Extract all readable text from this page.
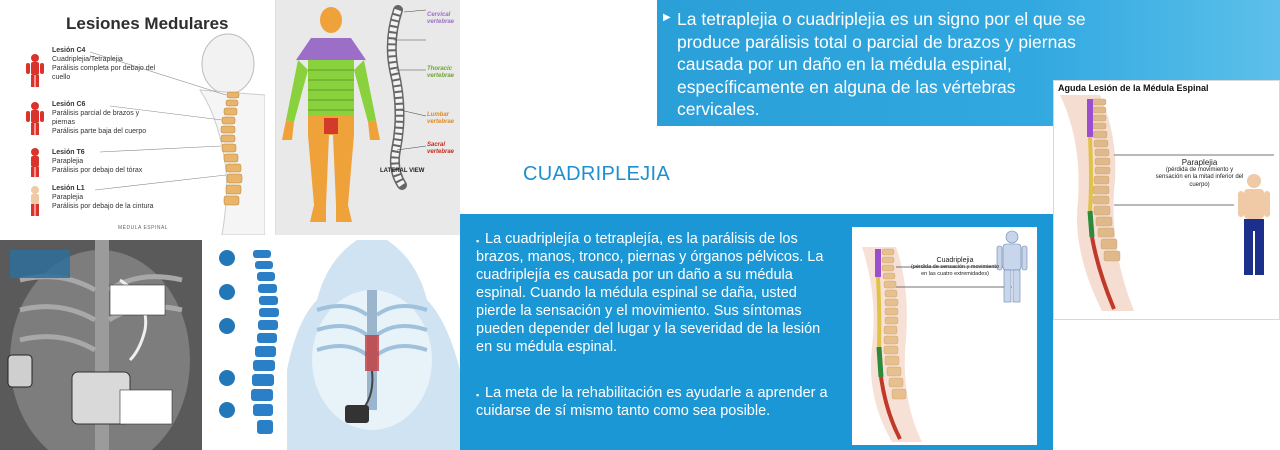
Lesiones Medulares
Lesión C4
Cuadriplejia/Tetraplejia
Parálisis completa por debajo del cuello
Lesión C6
Parálisis parcial de brazos y piernas
Parálisis parte baja del cuerpo
Lesión T6
Paraplejia
Parálisis por debajo del tórax
Lesión L1
Paraplejia
Parálisis por debajo de la cintura
MÉDULA ESPINAL
Cervical vertebrae
Thoracic vertebrae
Lumbar vertebrae
Sacral vertebrae
LATERAL VIEW
▶ La tetraplejia o cuadriplejia es un signo por el que se produce parálisis total o parcial de brazos y piernas causada por un daño en la médula espinal, específicamente en alguna de las vértebras cervicales.
Aguda Lesión de la Médula Espinal
Paraplejia
(pérdida de movimiento y sensación en la mitad inferior del cuerpo)
CUADRIPLEJIA
▪ La cuadriplejía o tetraplejía, es la parálisis de los brazos, manos, tronco, piernas y órganos pélvicos. La cuadriplejía es causada por un daño a su médula espinal. Cuando la médula espinal se daña, usted pierde la sensación y el movimiento. Sus síntomas pueden depender del lugar y la severidad de la lesión en su médula espinal.
▪ La meta de la rehabilitación es ayudarle a aprender a cuidarse de sí mismo tanto como sea posible.
Cuadriplejia
(pérdida de sensación y movimiento en las cuatro extremidades)
